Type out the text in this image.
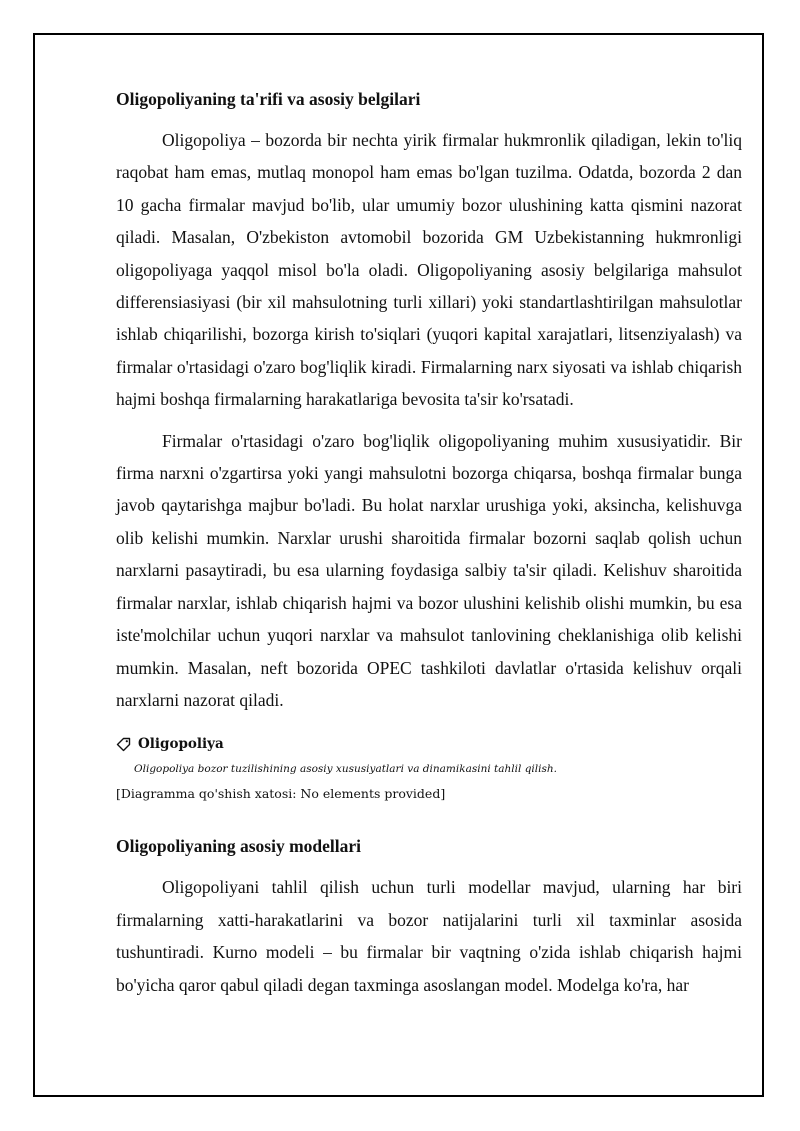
Oligopoliyaning ta'rifi va asosiy belgilari

Oligopoliya – bozorda bir nechta yirik firmalar hukmronlik qiladigan, lekin to'liq raqobat ham emas, mutlaq monopol ham emas bo'lgan tuzilma. Odatda, bozorda 2 dan 10 gacha firmalar mavjud bo'lib, ular umumiy bozor ulushining katta qismini nazorat qiladi. Masalan, O'zbekiston avtomobil bozorida GM Uzbekistanning hukmronligi oligopoliyaga yaqqol misol bo'la oladi. Oligopoliyaning asosiy belgilariga mahsulot differensiasiyasi (bir xil mahsulotning turli xillari) yoki standartlashtirilgan mahsulotlar ishlab chiqarilishi, bozorga kirish to'siqlari (yuqori kapital xarajatlari, litsenziyalash) va firmalar o'rtasidagi o'zaro bog'liqlik kiradi. Firmalarning narx siyosati va ishlab chiqarish hajmi boshqa firmalarning harakatlariga bevosita ta'sir ko'rsatadi.

Firmalar o'rtasidagi o'zaro bog'liqlik oligopoliyaning muhim xususiyatidir. Bir firma narxni o'zgartirsa yoki yangi mahsulotni bozorga chiqarsa, boshqa firmalar bunga javob qaytarishga majbur bo'ladi. Bu holat narxlar urushiga yoki, aksincha, kelishuvga olib kelishi mumkin. Narxlar urushi sharoitida firmalar bozorni saqlab qolish uchun narxlarni pasaytiradi, bu esa ularning foydasiga salbiy ta'sir qiladi. Kelishuv sharoitida firmalar narxlar, ishlab chiqarish hajmi va bozor ulushini kelishib olishi mumkin, bu esa iste'molchilar uchun yuqori narxlar va mahsulot tanlovining cheklanishiga olib kelishi mumkin. Masalan, neft bozorida OPEC tashkiloti davlatlar o'rtasida kelishuv orqali narxlarni nazorat qiladi.

Oligopoliya
Oligopoliya bozor tuzilishining asosiy xususiyatlari va dinamikasini tahlil qilish.
[Diagramma qo'shish xatosi: No elements provided]
Oligopoliyaning asosiy modellari

Oligopoliyani tahlil qilish uchun turli modellar mavjud, ularning har biri firmalarning xatti-harakatlarini va bozor natijalarini turli xil taxminlar asosida tushuntiradi. Kurno modeli – bu firmalar bir vaqtning o'zida ishlab chiqarish hajmi bo'yicha qaror qabul qiladi degan taxminga asoslangan model. Modelga ko'ra, har
